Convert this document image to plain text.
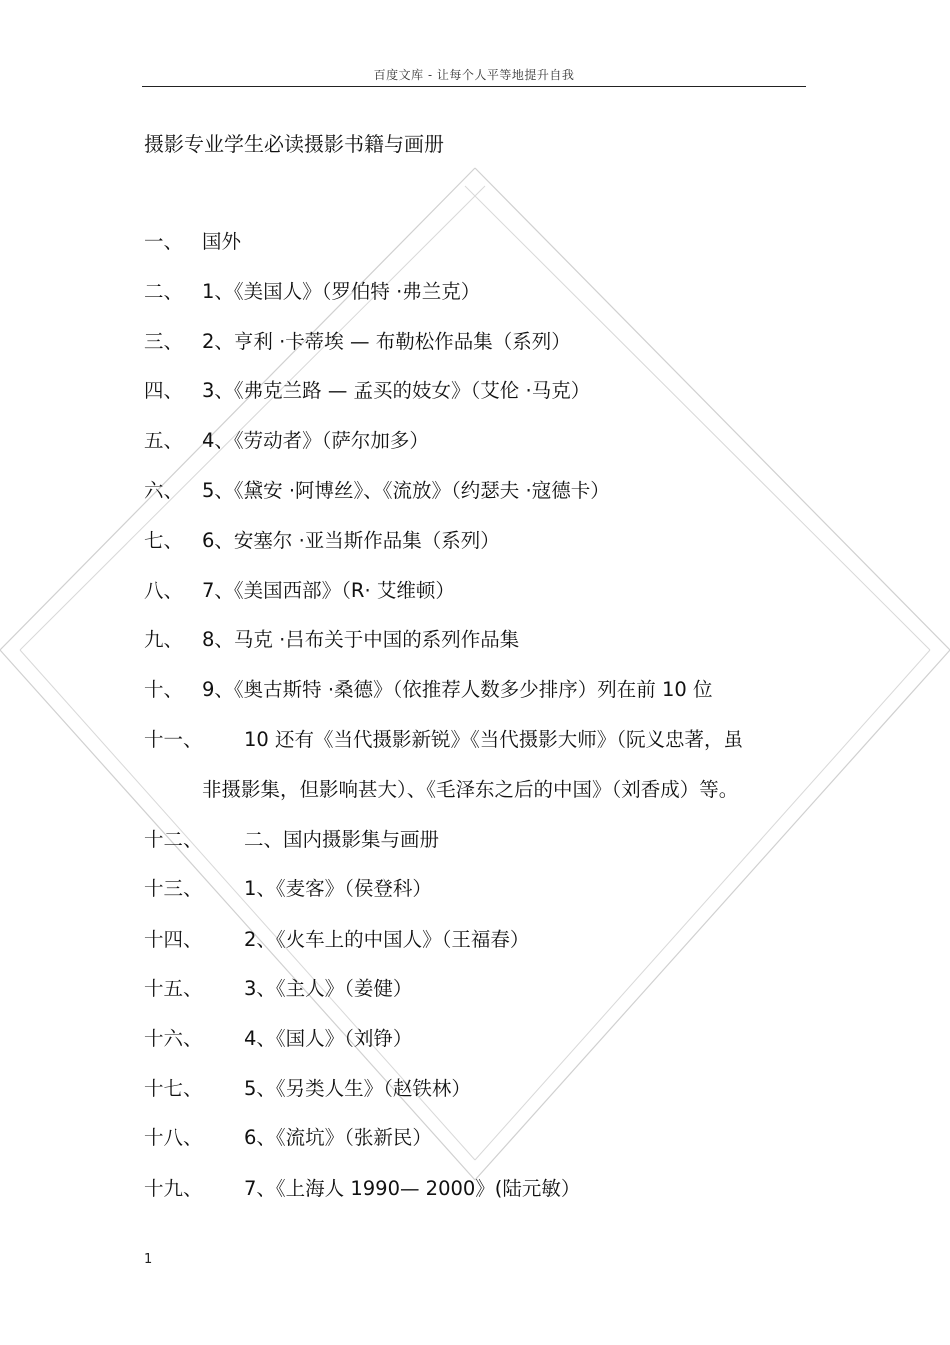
百度文库 - 让每个人平等地提升自我
摄影专业学生必读摄影书籍与画册
一、 国外
二、 1、《美国人》（罗伯特 ·弗兰克）
三、 2、亨利 ·卡蒂埃 — 布勒松作品集（系列）
四、 3、《弗克兰路 — 孟买的妓女》（艾伦 ·马克）
五、 4、《劳动者》（萨尔加多）
六、 5、《黛安 ·阿博丝》、《流放》（约瑟夫 ·寇德卡）
七、 6、安塞尔 ·亚当斯作品集（系列）
八、 7、《美国西部》（R· 艾维顿）
九、 8、马克 ·吕布关于中国的系列作品集
十、 9、《奥古斯特 ·桑德》（依推荐人数多少排序）列在前 10 位
十一、 10 还有《当代摄影新锐》《当代摄影大师》（阮义忠著，虽
非摄影集，但影响甚大）、《毛泽东之后的中国》（刘香成）等。
十二、 二、国内摄影集与画册
十三、 1、《麦客》（侯登科）
十四、 2、《火车上的中国人》（王福春）
十五、 3、《主人》（姜健）
十六、 4、《国人》（刘铮）
十七、 5、《另类人生》（赵铁林）
十八、 6、《流坑》（张新民）
十九、 7、《上海人 1990— 2000》(陆元敏）
1
